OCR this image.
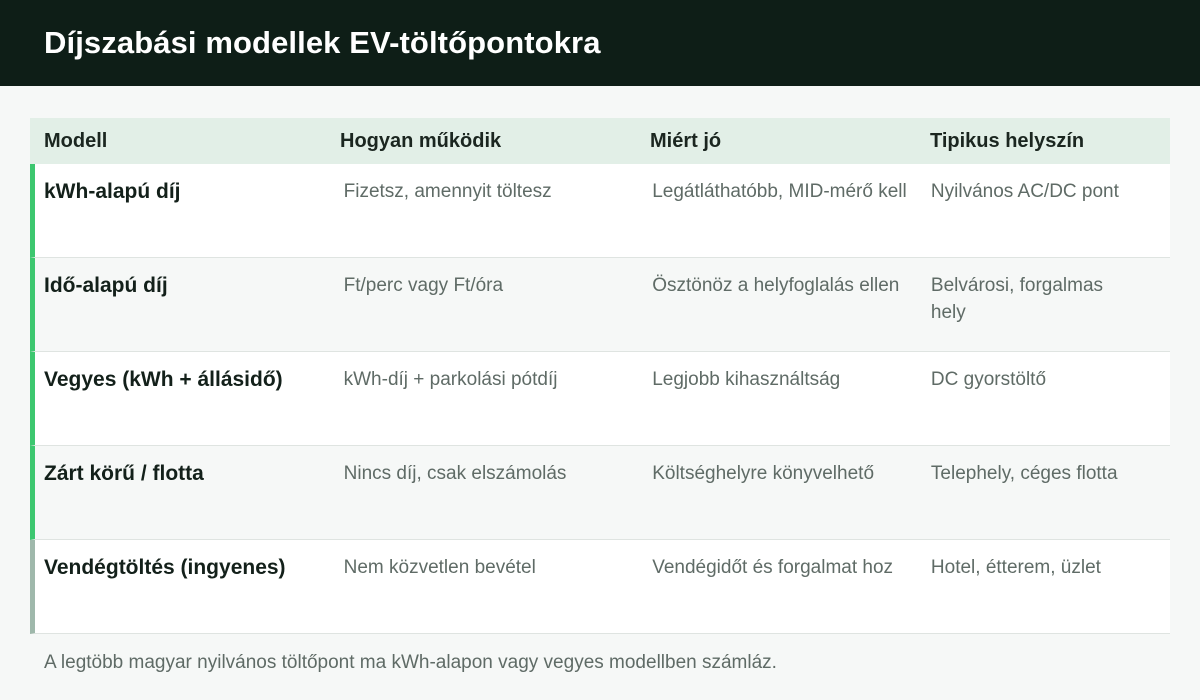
Díjszabási modellek EV-töltőpontokra
Modell	Hogyan működik	Miért jó	Tipikus helyszín
kWh-alapú díj	Fizetsz, amennyit töltesz	Legátláthatóbb, MID-mérő kell	Nyilvános AC/DC pont
Idő-alapú díj	Ft/perc vagy Ft/óra	Ösztönöz a helyfoglalás ellen	Belvárosi, forgalmas hely
Vegyes (kWh + állásidő)	kWh-díj + parkolási pótdíj	Legjobb kihasználtság	DC gyorstöltő
Zárt körű / flotta	Nincs díj, csak elszámolás	Költséghelyre könyvelhető	Telephely, céges flotta
Vendégtöltés (ingyenes)	Nem közvetlen bevétel	Vendégidőt és forgalmat hoz	Hotel, étterem, üzlet
A legtöbb magyar nyilvános töltőpont ma kWh-alapon vagy vegyes modellben számláz.
